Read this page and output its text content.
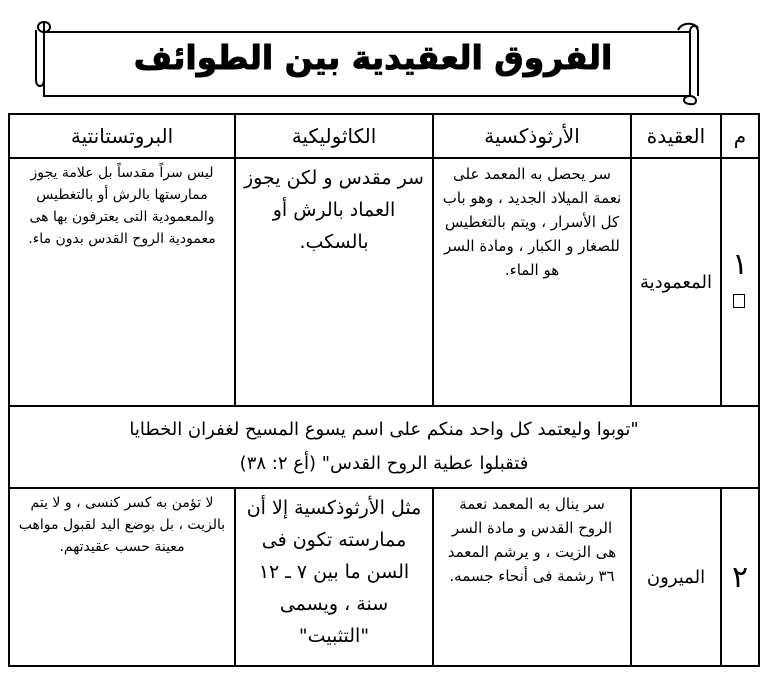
الفروق العقيدية بين الطوائف
م	العقيدة	الأرثوذكسية	الكاثوليكية	البروتستانتية
١	المعمودية	سر يحصل به المعمد على نعمة الميلاد الجديد ، وهو باب كل الأسرار ، ويتم بالتغطيس للصغار و الكبار ، ومادة السر هو الماء.	سر مقدس و لكن يجوز العماد بالرش أو بالسكب.	ليس سراً مقدساً بل علامة يجوز ممارستها بالرش أو بالتغطيس والمعمودية التى يعترفون بها هى معمودية الروح القدس بدون ماء.

"توبوا وليعتمد كل واحد منكم على اسم يسوع المسيح لغفران الخطايا
فتقبلوا عطية الروح القدس" (أع ٢: ٣٨)				

٢	الميرون	سر ينال به المعمد نعمة الروح القدس و مادة السر هى الزيت ، و يرشم المعمد ٣٦ رشمة فى أنحاء جسمه.	مثل الأرثوذكسية إلا أن ممارسته تكون فى السن ما بين ٧ ـ ١٢ سنة ، ويسمى "التثبيت"	لا تؤمن به كسر كنسى ، و لا يتم بالزيت ، بل بوضع اليد لقبول مواهب معينة حسب عقيدتهم.
